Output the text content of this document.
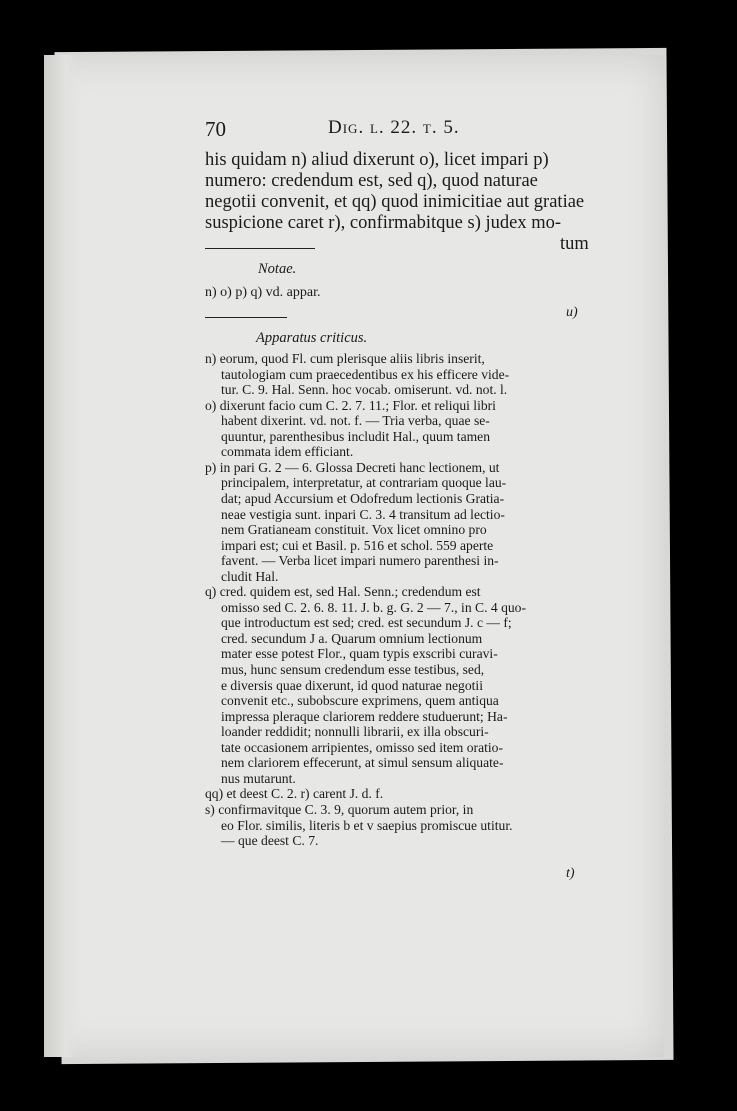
70	Dig. l. 22. t. 5.
his quidam n) aliud dixerunt o), licet impari p)
numero: credendum est, sed q), quod naturae
negotii convenit, et qq) quod inimicitiae aut gratiae
suspicione caret r), confirmabitque s) judex mo-
tum
Notae.
n) o) p) q) vd. appar.
u)
Apparatus criticus.
n) eorum, quod Fl. cum plerisque aliis libris inserit,
tautologiam cum praecedentibus ex his efficere vide-
tur. C. 9. Hal. Senn. hoc vocab. omiserunt. vd. not. l.
o) dixerunt facio cum C. 2. 7. 11.; Flor. et reliqui libri
habent dixerint. vd. not. f. — Tria verba, quae se-
quuntur, parenthesibus includit Hal., quum tamen
commata idem efficiant.
p) in pari G. 2 — 6. Glossa Decreti hanc lectionem, ut
principalem, interpretatur, at contrariam quoque lau-
dat; apud Accursium et Odofredum lectionis Gratia-
neae vestigia sunt. inpari C. 3. 4 transitum ad lectio-
nem Gratianeam constituit. Vox licet omnino pro
impari est; cui et Basil. p. 516 et schol. 559 aperte
favent. — Verba licet impari numero parenthesi in-
cludit Hal.
q) cred. quidem est, sed Hal. Senn.; credendum est
omisso sed C. 2. 6. 8. 11. J. b. g. G. 2 — 7., in C. 4 quo-
que introductum est sed; cred. est secundum J. c — f;
cred. secundum J a. Quarum omnium lectionum
mater esse potest Flor., quam typis exscribi curavi-
mus, hunc sensum credendum esse testibus, sed,
e diversis quae dixerunt, id quod naturae negotii
convenit etc., subobscure exprimens, quem antiqua
impressa pleraque clariorem reddere studuerunt; Ha-
loander reddidit; nonnulli librarii, ex illa obscuri-
tate occasionem arripientes, omisso sed item oratio-
nem clariorem effecerunt, at simul sensum aliquate-
nus mutarunt.
qq) et deest C. 2. r) carent J. d. f.
s) confirmavitque C. 3. 9, quorum autem prior, in
eo Flor. similis, literis b et v saepius promiscue utitur.
— que deest C. 7.
t)
